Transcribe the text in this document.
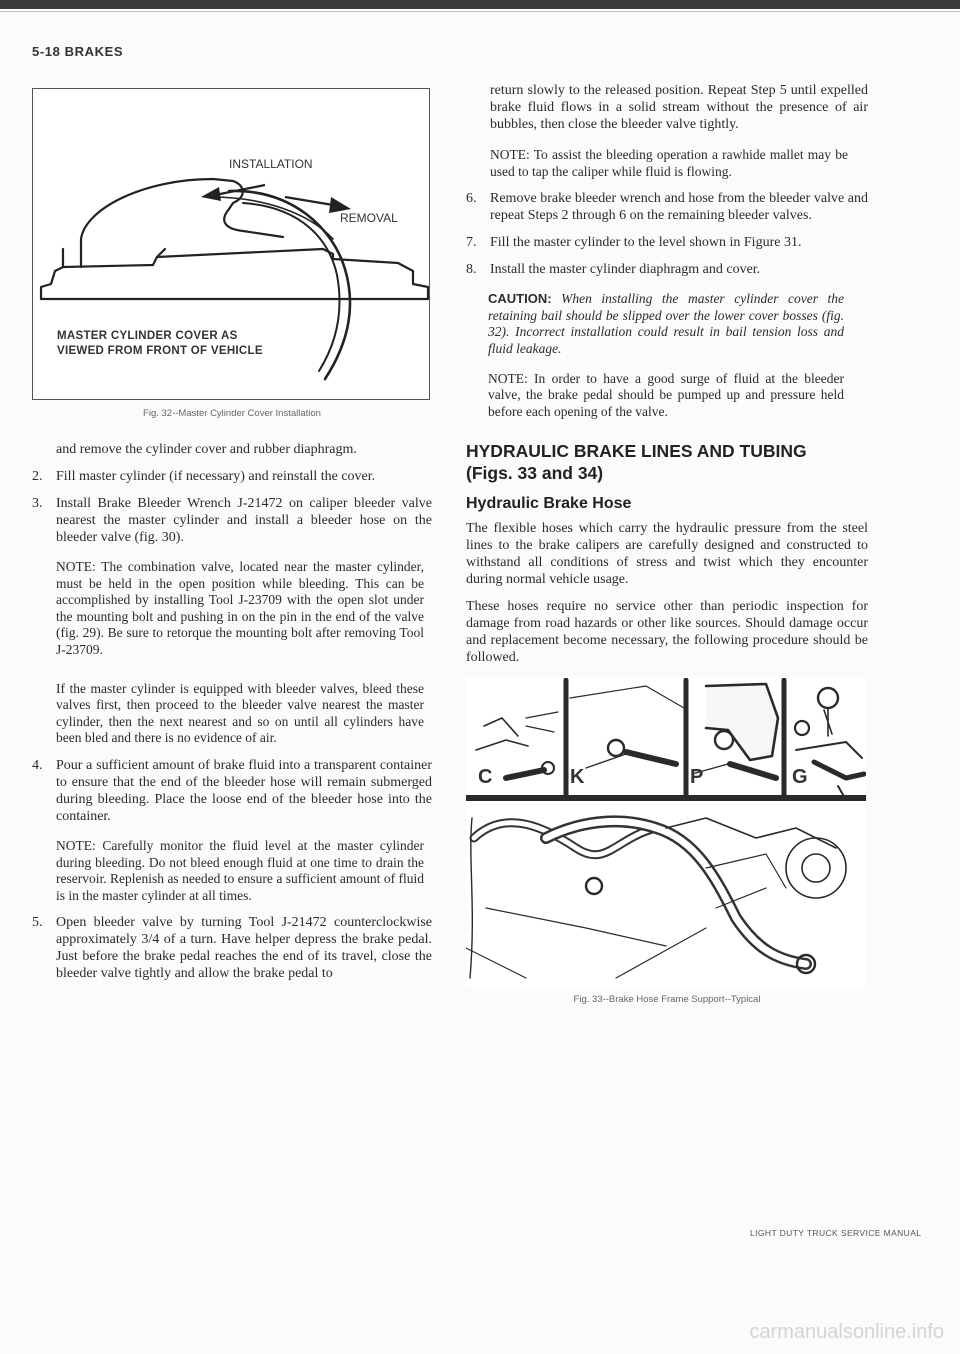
5-18 BRAKES

INSTALLATION

REMOVAL

MASTER CYLINDER COVER AS

VIEWED FROM FRONT OF VEHICLE

Fig. 32--Master Cylinder Cover Installation

and remove the cylinder cover and rubber diaphragm.

2. Fill master cylinder (if necessary) and reinstall the cover.

3. Install Brake Bleeder Wrench J-21472 on caliper bleeder valve nearest the master cylinder and install a bleeder hose on the bleeder valve (fig. 30).

NOTE: The combination valve, located near the master cylinder, must be held in the open position while bleeding. This can be accomplished by installing Tool J-23709 with the open slot under the mounting bolt and pushing in on the pin in the end of the valve (fig. 29). Be sure to retorque the mounting bolt after removing Tool J-23709.

If the master cylinder is equipped with bleeder valves, bleed these valves first, then proceed to the bleeder valve nearest the master cylinder, then the next nearest and so on until all cylinders have been bled and there is no evidence of air.

4. Pour a sufficient amount of brake fluid into a transparent container to ensure that the end of the bleeder hose will remain submerged during bleeding. Place the loose end of the bleeder hose into the container.

NOTE: Carefully monitor the fluid level at the master cylinder during bleeding. Do not bleed enough fluid at one time to drain the reservoir. Replenish as needed to ensure a sufficient amount of fluid is in the master cylinder at all times.

5. Open bleeder valve by turning Tool J-21472 counterclockwise approximately 3/4 of a turn. Have helper depress the brake pedal. Just before the brake pedal reaches the end of its travel, close the bleeder valve tightly and allow the brake pedal to

return slowly to the released position. Repeat Step 5 until expelled brake fluid flows in a solid stream without the presence of air bubbles, then close the bleeder valve tightly.

NOTE: To assist the bleeding operation a rawhide mallet may be used to tap the caliper while fluid is flowing.

6. Remove brake bleeder wrench and hose from the bleeder valve and repeat Steps 2 through 6 on the remaining bleeder valves.

7. Fill the master cylinder to the level shown in Figure 31.

8. Install the master cylinder diaphragm and cover.

CAUTION: When installing the master cylinder cover the retaining bail should be slipped over the lower cover bosses (fig. 32). Incorrect installation could result in bail tension loss and fluid leakage.

NOTE: In order to have a good surge of fluid at the bleeder valve, the brake pedal should be pumped up and pressure held before each opening of the valve.

HYDRAULIC BRAKE LINES AND TUBING
(Figs. 33 and 34)
Hydraulic Brake Hose

The flexible hoses which carry the hydraulic pressure from the steel lines to the brake calipers are carefully designed and constructed to withstand all conditions of stress and twist which they encounter during normal vehicle usage.

These hoses require no service other than periodic inspection for damage from road hazards or other like sources. Should damage occur and replacement become necessary, the following procedure should be followed.

C	K	P	G

Fig. 33--Brake Hose Frame Support--Typical

LIGHT DUTY TRUCK SERVICE MANUAL

carmanualsonline.info
